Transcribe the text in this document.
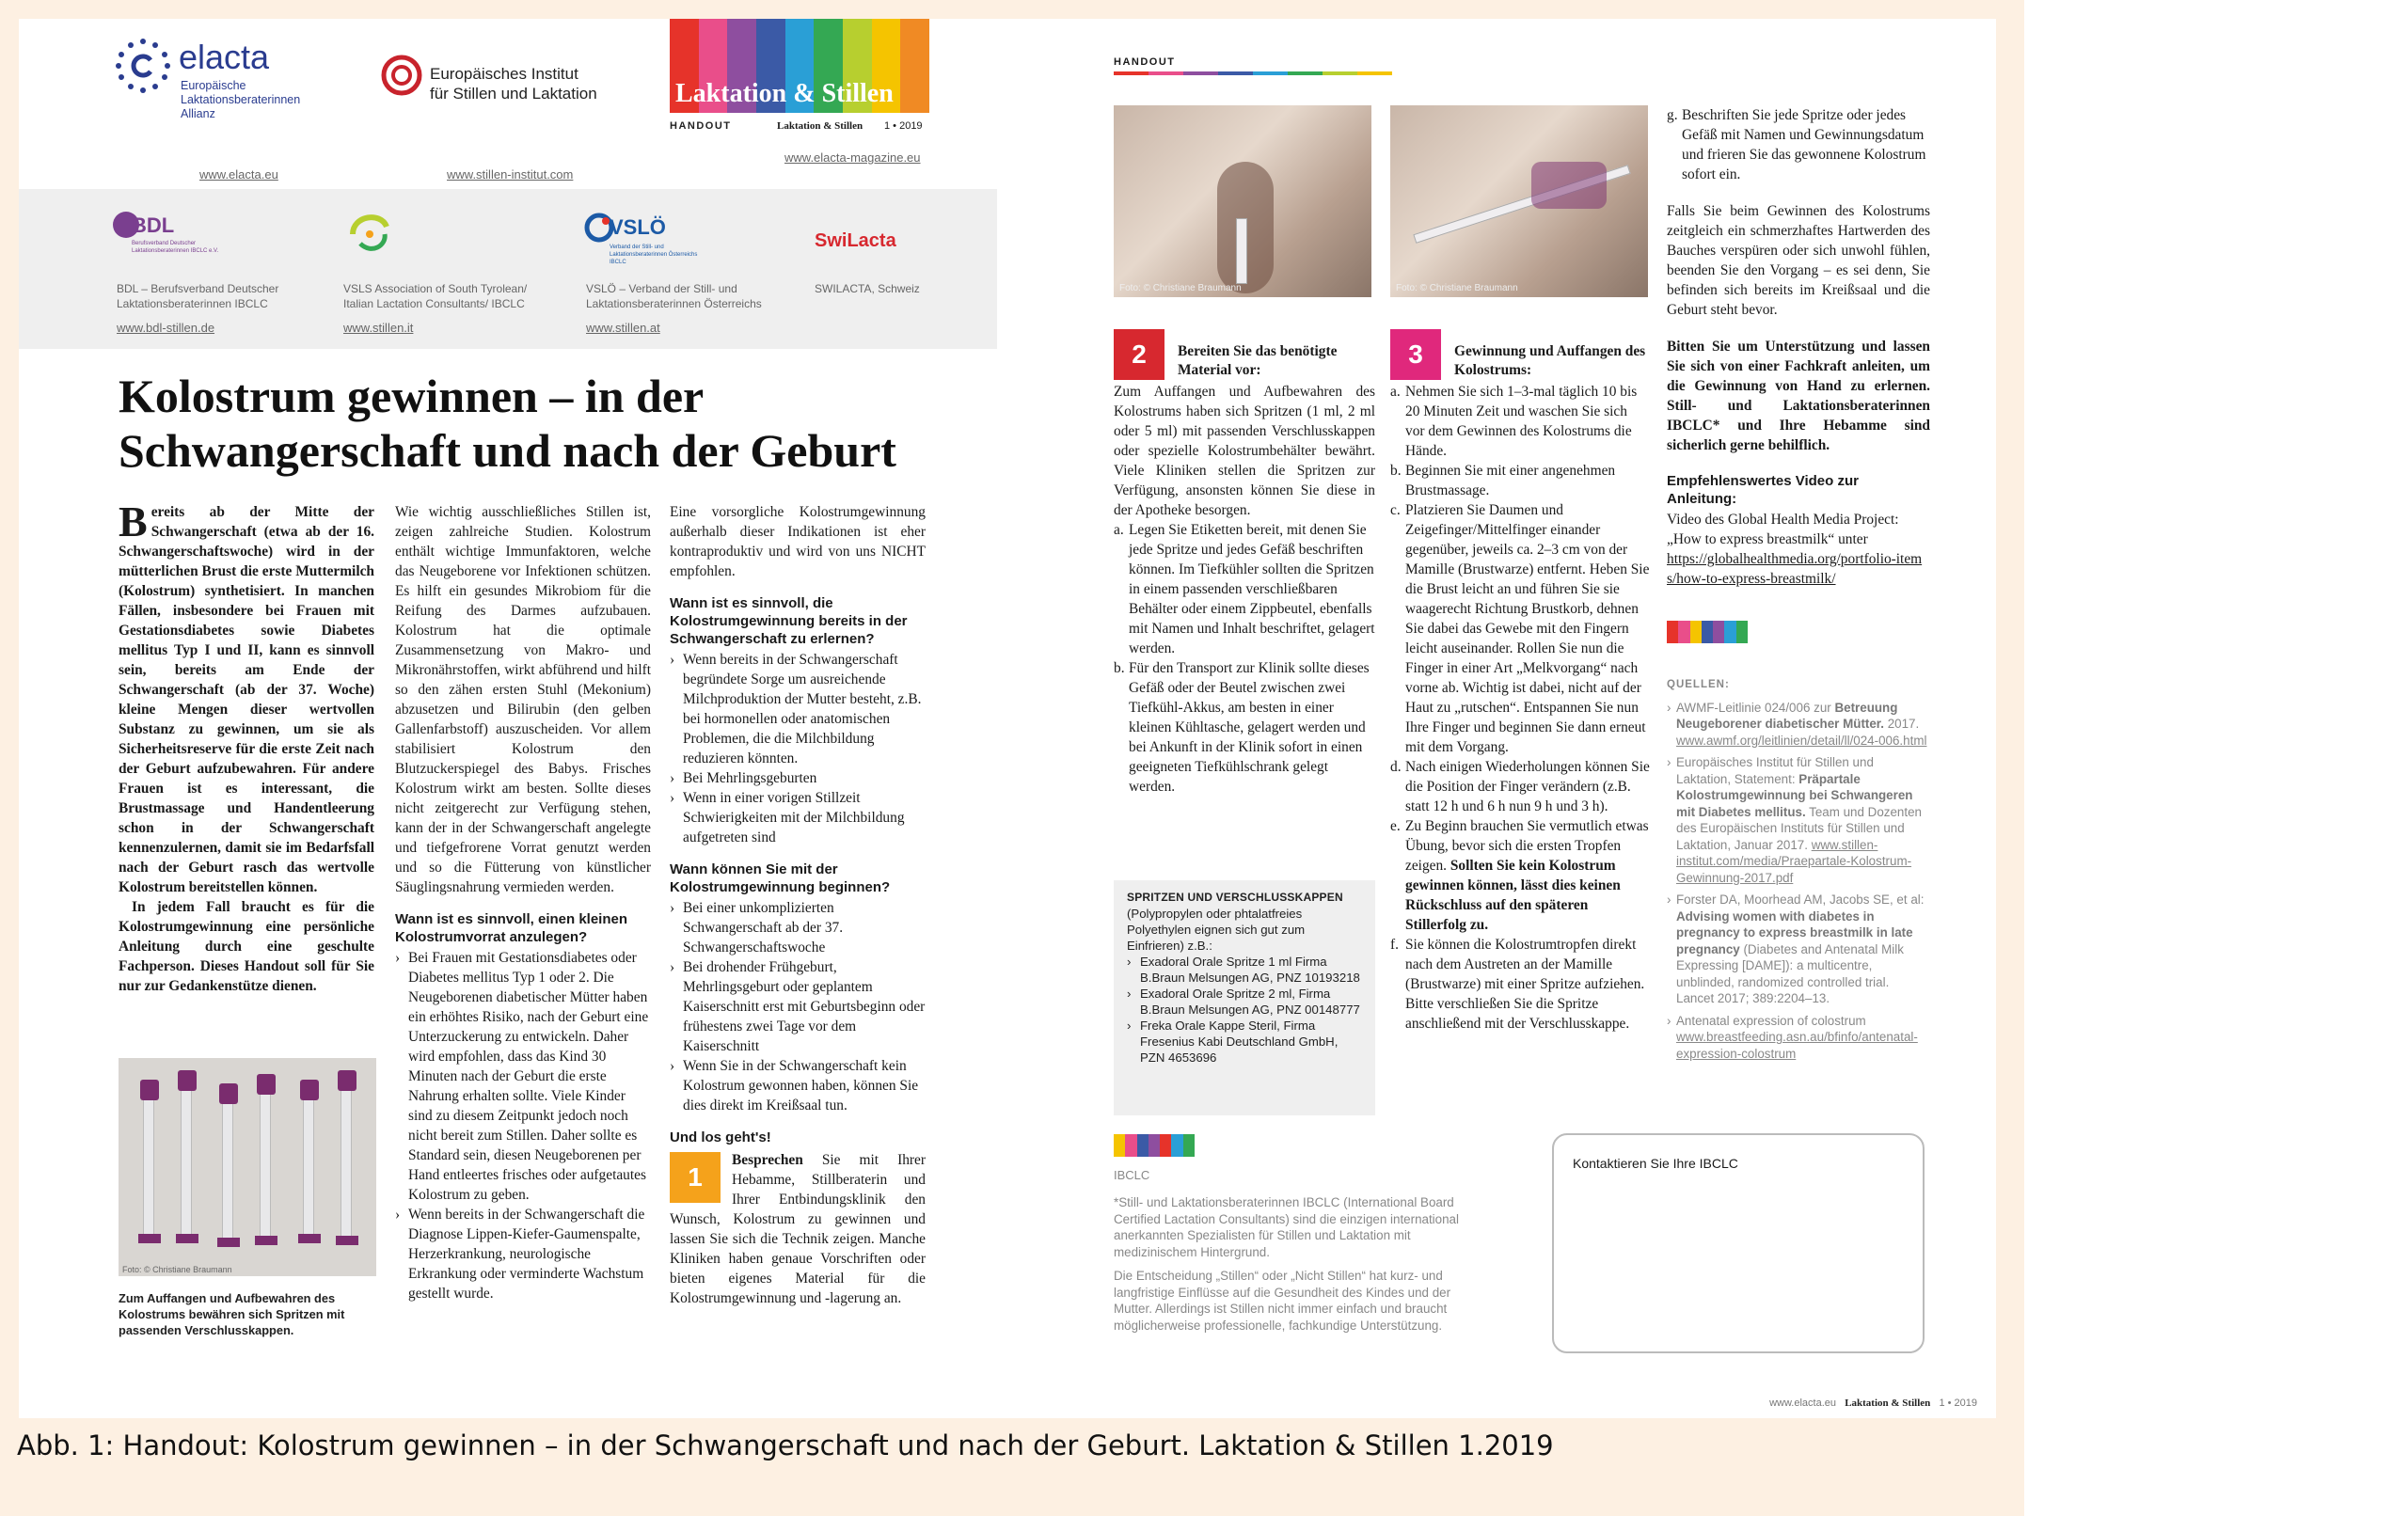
elacta
Europäische
Laktationsberaterinnen
Allianz
www.elacta.eu
Europäisches Institut
für Stillen und Laktation
www.stillen-institut.com
Laktation & Stillen
HANDOUT	Laktation & Stillen 1 • 2019
www.elacta-magazine.eu
BDL
Berufsverband Deutscher Laktationsberaterinnen IBCLC e.V.
BDL – Berufsverband Deutscher
Laktationsberaterinnen IBCLC
www.bdl-stillen.de
VSLS Association of South Tyrolean/
Italian Lactation Consultants/ IBCLC
www.stillen.it
VSLÖ
Verband der Still- und Laktationsberaterinnen Österreichs IBCLC
VSLÖ – Verband der Still- und
Laktationsberaterinnen Österreichs
www.stillen.at
SwiLacta
SWILACTA, Schweiz
Kolostrum gewinnen – in der
Schwangerschaft und nach der Geburt

Bereits ab der Mitte der Schwangerschaft (etwa ab der 16. Schwangerschaftswoche) wird in der mütterlichen Brust die erste Muttermilch (Kolostrum) synthetisiert. In manchen Fällen, insbesondere bei Frauen mit Gestationsdiabetes sowie Diabetes mellitus Typ I und II, kann es sinnvoll sein, bereits am Ende der Schwangerschaft (ab der 37. Woche) kleine Mengen dieser wertvollen Substanz zu gewinnen, um sie als Sicherheitsreserve für die erste Zeit nach der Geburt aufzubewahren. Für andere Frauen ist es interessant, die Brustmassage und Handentleerung schon in der Schwangerschaft kennenzulernen, damit sie im Bedarfsfall nach der Geburt rasch das wertvolle Kolostrum bereitstellen können.

In jedem Fall braucht es für die Kolostrumgewinnung eine persönliche Anleitung durch eine geschulte Fachperson. Dieses Handout soll für Sie nur zur Gedankenstütze dienen.

Foto: © Christiane Braumann
Zum Auffangen und Aufbewahren des Kolostrums bewähren sich Spritzen mit passenden Verschlusskappen.

Wie wichtig ausschließliches Stillen ist, zeigen zahlreiche Studien. Kolostrum enthält wichtige Immunfaktoren, welche das Neugeborene vor Infektionen schützen. Es hilft ein gesundes Mikrobiom für die Reifung des Darmes aufzubauen. Kolostrum hat die optimale Zusammensetzung von Makro- und Mikronährstoffen, wirkt abführend und hilft so den zähen ersten Stuhl (Mekonium) abzusetzen und Bilirubin (den gelben Gallenfarbstoff) auszuscheiden. Vor allem stabilisiert Kolostrum den Blutzuckerspiegel des Babys. Frisches Kolostrum wirkt am besten. Sollte dieses nicht zeitgerecht zur Verfügung stehen, kann der in der Schwangerschaft angelegte und tiefgefrorene Vorrat genutzt werden und so die Fütterung von künstlicher Säuglingsnahrung vermieden werden.

Wann ist es sinnvoll, einen kleinen Kolostrumvorrat anzulegen?
› Bei Frauen mit Gestationsdiabetes oder Diabetes mellitus Typ 1 oder 2. Die Neugeborenen diabetischer Mütter haben ein erhöhtes Risiko, nach der Geburt eine Unterzuckerung zu entwickeln. Daher wird empfohlen, dass das Kind 30 Minuten nach der Geburt die erste Nahrung erhalten sollte. Viele Kinder sind zu diesem Zeitpunkt jedoch noch nicht bereit zum Stillen. Daher sollte es Standard sein, diesen Neugeborenen per Hand entleertes frisches oder aufgetautes Kolostrum zu geben.
› Wenn bereits in der Schwangerschaft die Diagnose Lippen-Kiefer-Gaumenspalte, Herzerkrankung, neurologische Erkrankung oder verminderte Wachstum gestellt wurde.

Eine vorsorgliche Kolostrumgewinnung außerhalb dieser Indikationen ist eher kontraproduktiv und wird von uns NICHT empfohlen.

Wann ist es sinnvoll, die Kolostrumgewinnung bereits in der Schwangerschaft zu erlernen?
› Wenn bereits in der Schwangerschaft begründete Sorge um ausreichende Milchproduktion der Mutter besteht, z.B. bei hormonellen oder anatomischen Problemen, die die Milchbildung reduzieren könnten.
› Bei Mehrlingsgeburten
› Wenn in einer vorigen Stillzeit Schwierigkeiten mit der Milchbildung aufgetreten sind
Wann können Sie mit der Kolostrumgewinnung beginnen?
› Bei einer unkomplizierten Schwangerschaft ab der 37. Schwangerschaftswoche
› Bei drohender Frühgeburt, Mehrlingsgeburt oder geplantem Kaiserschnitt erst mit Geburtsbeginn oder frühestens zwei Tage vor dem Kaiserschnitt
› Wenn Sie in der Schwangerschaft kein Kolostrum gewonnen haben, können Sie dies direkt im Kreißsaal tun.
Und los geht's!

1
Besprechen Sie mit Ihrer Hebamme, Stillberaterin und Ihrer Entbindungsklinik den Wunsch, Kolostrum zu gewinnen und lassen Sie sich die Technik zeigen. Manche Kliniken haben genaue Vorschriften oder bieten eigenes Material für die Kolostrumgewinnung und -lagerung an.

HANDOUT
Foto: © Christiane Braumann	Foto: © Christiane Braumann
2	Bereiten Sie das benötigte Material vor:

Zum Auffangen und Aufbewahren des Kolostrums haben sich Spritzen (1 ml, 2 ml oder 5 ml) mit passenden Verschlusskappen oder spezielle Kolostrumbehälter bewährt. Viele Kliniken stellen die Spritzen zur Verfügung, ansonsten können Sie diese in der Apotheke besorgen.

a. Legen Sie Etiketten bereit, mit denen Sie jede Spritze und jedes Gefäß beschriften können. Im Tiefkühler sollten die Spritzen in einem passenden verschließbaren Behälter oder einem Zippbeutel, ebenfalls mit Namen und Inhalt beschriftet, gelagert werden.
b. Für den Transport zur Klinik sollte dieses Gefäß oder der Beutel zwischen zwei Tiefkühl-Akkus, am besten in einer kleinen Kühltasche, gelagert werden und bei Ankunft in der Klinik sofort in einen geeigneten Tiefkühlschrank gelegt werden.
SPRITZEN UND VERSCHLUSSKAPPEN
(Polypropylen oder phtalatfreies Polyethylen eignen sich gut zum Einfrieren) z.B.:
› Exadoral Orale Spritze 1 ml Firma B.Braun Melsungen AG, PNZ 10193218
› Exadoral Orale Spritze 2 ml, Firma B.Braun Melsungen AG, PNZ 00148777
› Freka Orale Kappe Steril, Firma Fresenius Kabi Deutschland GmbH, PZN 4653696
IBCLC

*Still- und Laktationsberaterinnen IBCLC (International Board Certified Lactation Consultants) sind die einzigen international anerkannten Spezialisten für Stillen und Laktation mit medizinischem Hintergrund.

Die Entscheidung „Stillen“ oder „Nicht Stillen“ hat kurz- und langfristige Einflüsse auf die Gesundheit des Kindes und der Mutter. Allerdings ist Stillen nicht immer einfach und braucht möglicherweise professionelle, fachkundige Unterstützung.

3	Gewinnung und Auffangen des Kolostrums:
a. Nehmen Sie sich 1–3-mal täglich 10 bis 20 Minuten Zeit und waschen Sie sich vor dem Gewinnen des Kolostrums die Hände.
b. Beginnen Sie mit einer angenehmen Brustmassage.
c. Platzieren Sie Daumen und Zeigefinger/Mittelfinger einander gegenüber, jeweils ca. 2–3 cm von der Mamille (Brustwarze) entfernt. Heben Sie die Brust leicht an und führen Sie sie waagerecht Richtung Brustkorb, dehnen Sie dabei das Gewebe mit den Fingern leicht auseinander. Rollen Sie nun die Finger in einer Art „Melkvorgang“ nach vorne ab. Wichtig ist dabei, nicht auf der Haut zu „rutschen“. Entspannen Sie nun Ihre Finger und beginnen Sie dann erneut mit dem Vorgang.
d. Nach einigen Wiederholungen können Sie die Position der Finger verändern (z.B. statt 12 h und 6 h nun 9 h und 3 h).
e. Zu Beginn brauchen Sie vermutlich etwas Übung, bevor sich die ersten Tropfen zeigen. Sollten Sie kein Kolostrum gewinnen können, lässt dies keinen Rückschluss auf den späteren Stillerfolg zu.
f. Sie können die Kolostrumtropfen direkt nach dem Austreten an der Mamille (Brustwarze) mit einer Spritze aufziehen. Bitte verschließen Sie die Spritze anschließend mit der Verschlusskappe.
g. Beschriften Sie jede Spritze oder jedes Gefäß mit Namen und Gewinnungsdatum und frieren Sie das gewonnene Kolostrum sofort ein.

Falls Sie beim Gewinnen des Kolostrums zeitgleich ein schmerzhaftes Hartwerden des Bauches verspüren oder sich unwohl fühlen, beenden Sie den Vorgang – es sei denn, Sie befinden sich bereits im Kreißsaal und die Geburt steht bevor.

Bitten Sie um Unterstützung und lassen Sie sich von einer Fachkraft anleiten, um die Gewinnung von Hand zu erlernen. Still- und Laktationsberaterinnen IBCLC* und Ihre Hebamme sind sicherlich gerne behilflich.

Empfehlenswertes Video zur Anleitung:

Video des Global Health Media Project: „How to express breastmilk“ unter

https://globalhealthmedia.org/portfolio-items/how-to-express-breastmilk/

QUELLEN:
› AWMF-Leitlinie 024/006 zur Betreuung Neugeborener diabetischer Mütter. 2017. www.awmf.org/leitlinien/detail/ll/024-006.html
› Europäisches Institut für Stillen und Laktation, Statement: Präpartale Kolostrumgewinnung bei Schwangeren mit Diabetes mellitus. Team und Dozenten des Europäischen Instituts für Stillen und Laktation, Januar 2017. www.stillen-institut.com/media/Praepartale-Kolostrum-Gewinnung-2017.pdf
› Forster DA, Moorhead AM, Jacobs SE, et al: Advising women with diabetes in pregnancy to express breastmilk in late pregnancy (Diabetes and Antenatal Milk Expressing [DAME]): a multicentre, unblinded, randomized controlled trial. Lancet 2017; 389:2204–13.
› Antenatal expression of colostrum www.breastfeeding.asn.au/bfinfo/antenatal-expression-colostrum
Kontaktieren Sie Ihre IBCLC
www.elacta.eu Laktation & Stillen 1 • 2019
Abb. 1: Handout: Kolostrum gewinnen – in der Schwangerschaft und nach der Geburt. Laktation & Stillen 1.2019
